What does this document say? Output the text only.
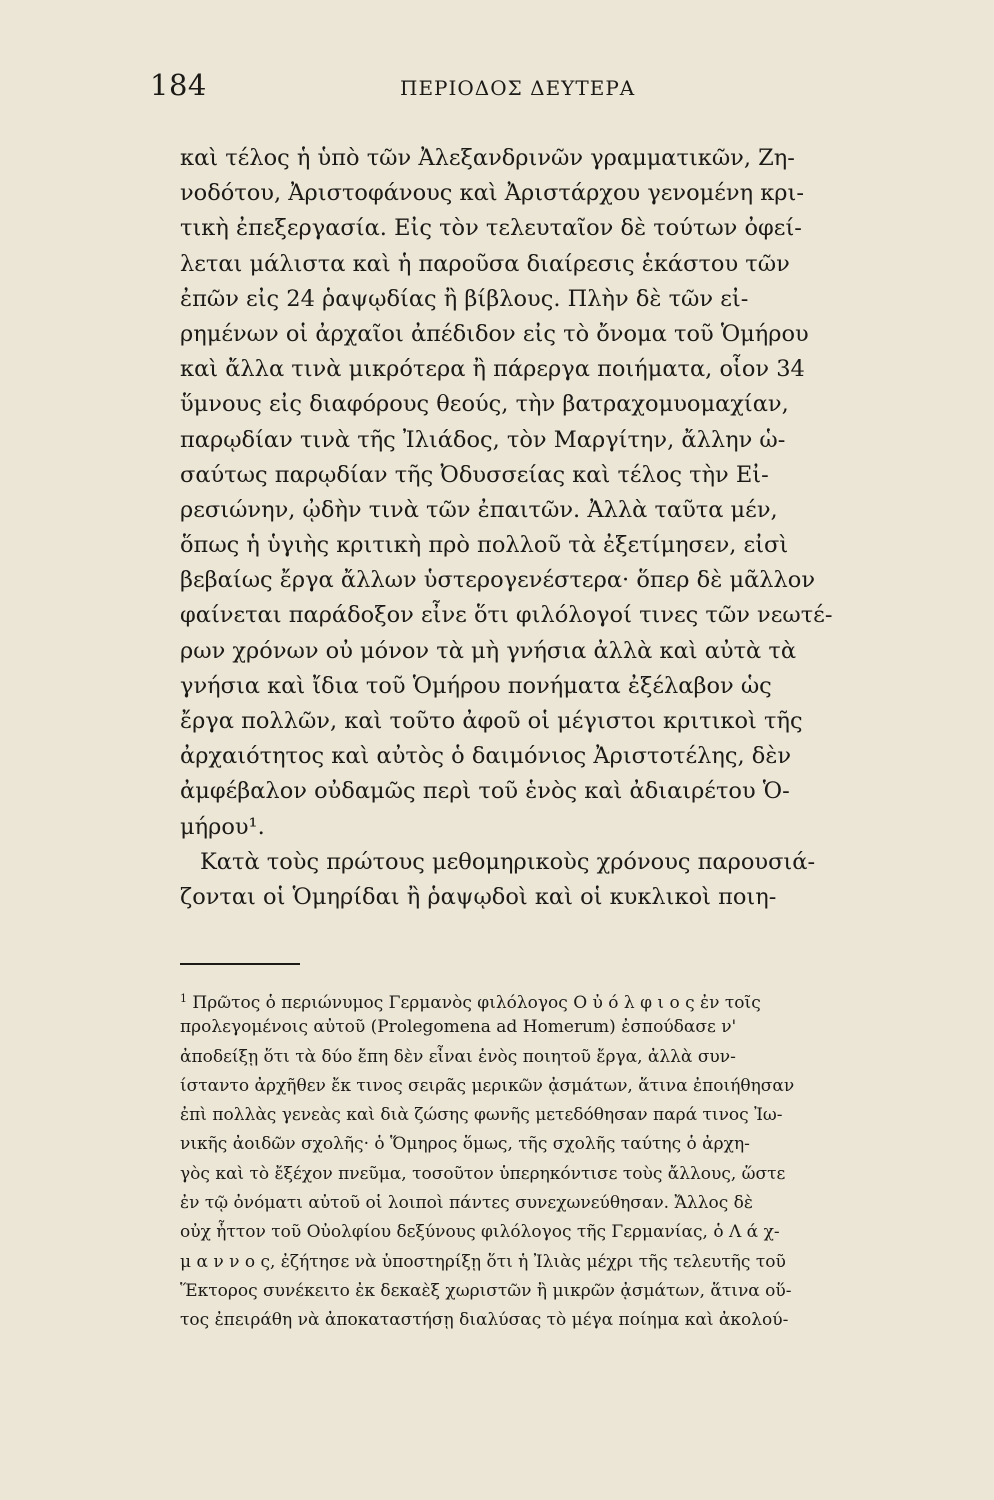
184	ΠΕΡΙΟΔΟΣ ΔΕΥΤΕΡΑ
καὶ τέλος ἡ ὑπὸ τῶν Ἀλεξανδρινῶν γραμματικῶν, Ζη-
νοδότου, Ἀριστοφάνους καὶ Ἀριστάρχου γενομένη κρι-
τικὴ ἐπεξεργασία. Εἰς τὸν τελευταῖον δὲ τούτων ὀφεί-
λεται μάλιστα καὶ ἡ παροῦσα διαίρεσις ἑκάστου τῶν
ἐπῶν εἰς 24 ῥαψῳδίας ἢ βίβλους. Πλὴν δὲ τῶν εἰ-
ρημένων οἱ ἀρχαῖοι ἀπέδιδον εἰς τὸ ὄνομα τοῦ Ὁμήρου
καὶ ἄλλα τινὰ μικρότερα ἢ πάρεργα ποιήματα, οἷον 34
ὕμνους εἰς διαφόρους θεούς, τὴν βατραχομυομαχίαν,
παρῳδίαν τινὰ τῆς Ἰλιάδος, τὸν Μαργίτην, ἄλλην ὡ-
σαύτως παρῳδίαν τῆς Ὀδυσσείας καὶ τέλος τὴν Εἰ-
ρεσιώνην, ᾠδὴν τινὰ τῶν ἐπαιτῶν. Ἀλλὰ ταῦτα μέν,
ὅπως ἡ ὑγιὴς κριτικὴ πρὸ πολλοῦ τὰ ἐξετίμησεν, εἰσὶ
βεβαίως ἔργα ἄλλων ὑστερογενέστερα· ὅπερ δὲ μᾶλλον
φαίνεται παράδοξον εἶνε ὅτι φιλόλογοί τινες τῶν νεωτέ-
ρων χρόνων οὐ μόνον τὰ μὴ γνήσια ἀλλὰ καὶ αὐτὰ τὰ
γνήσια καὶ ἴδια τοῦ Ὁμήρου πονήματα ἐξέλαβον ὡς
ἔργα πολλῶν, καὶ τοῦτο ἀφοῦ οἱ μέγιστοι κριτικοὶ τῆς
ἀρχαιότητος καὶ αὐτὸς ὁ δαιμόνιος Ἀριστοτέλης, δὲν
ἀμφέβαλον οὐδαμῶς περὶ τοῦ ἑνὸς καὶ ἀδιαιρέτου Ὁ-
μήρου¹.
Κατὰ τοὺς πρώτους μεθομηρικοὺς χρόνους παρουσιά-
ζονται οἱ Ὁμηρίδαι ἢ ῥαψῳδοὶ καὶ οἱ κυκλικοὶ ποιη-
$^1$ Πρῶτος ὁ περιώνυμος Γερμανὸς φιλόλογος Ο ὐ ό λ φ ι ο ς ἐν τοῖς
προλεγομένοις αὐτοῦ (Prolegomena ad Homerum) ἐσπούδασε ν'
ἀποδείξῃ ὅτι τὰ δύο ἔπη δὲν εἶναι ἑνὸς ποιητοῦ ἔργα, ἀλλὰ συν-
ίσταντο ἀρχῆθεν ἔκ τινος σειρᾶς μερικῶν ᾀσμάτων, ἅτινα ἐποιήθησαν
ἐπὶ πολλὰς γενεὰς καὶ διὰ ζώσης φωνῆς μετεδόθησαν παρά τινος Ἰω-
νικῆς ἀοιδῶν σχολῆς· ὁ Ὅμηρος ὅμως, τῆς σχολῆς ταύτης ὁ ἀρχη-
γὸς καὶ τὸ ἔξέχον πνεῦμα, τοσοῦτον ὑπερηκόντισε τοὺς ἄλλους, ὥστε
ἐν τῷ ὀνόματι αὐτοῦ οἱ λοιποὶ πάντες συνεχωνεύθησαν. Ἄλλος δὲ
οὐχ ἧττον τοῦ Οὐολφίου δεξύνους φιλόλογος τῆς Γερμανίας, ὁ Λ ά χ-
μ α ν ν ο ς, ἐζήτησε νὰ ὑποστηρίξῃ ὅτι ἡ Ἰλιὰς μέχρι τῆς τελευτῆς τοῦ
Ἕκτορος συνέκειτο ἐκ δεκαὲξ χωριστῶν ἢ μικρῶν ᾀσμάτων, ἅτινα οὕ-
τος ἐπειράθη νὰ ἀποκαταστήσῃ διαλύσας τὸ μέγα ποίημα καὶ ἀκολού-
